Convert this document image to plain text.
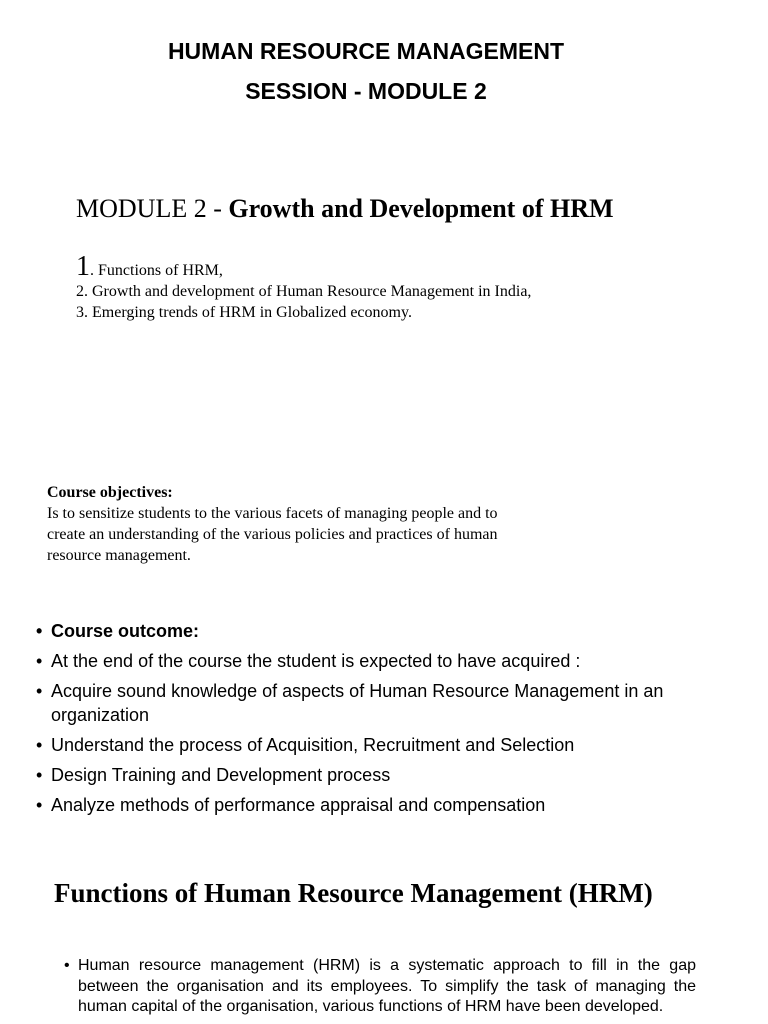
HUMAN RESOURCE MANAGEMENT
SESSION - MODULE 2
MODULE 2 - Growth and Development of HRM
1. Functions of HRM,
2. Growth and development of Human Resource Management in India,
3. Emerging trends of HRM in Globalized economy.
Course objectives:
Is to sensitize students to the various facets of managing people and to
create an understanding of the various policies and practices of human
resource management.
• Course outcome:
• At the end of the course the student is expected to have acquired :
• Acquire sound knowledge of aspects of Human Resource Management in an organization
• Understand the process of Acquisition, Recruitment and Selection
• Design Training and Development process
• Analyze methods of performance appraisal and compensation
Functions of Human Resource Management (HRM)
• Human resource management (HRM) is a systematic approach to fill in the gap between the organisation and its employees. To simplify the task of managing the human capital of the organisation, various functions of HRM have been developed.
